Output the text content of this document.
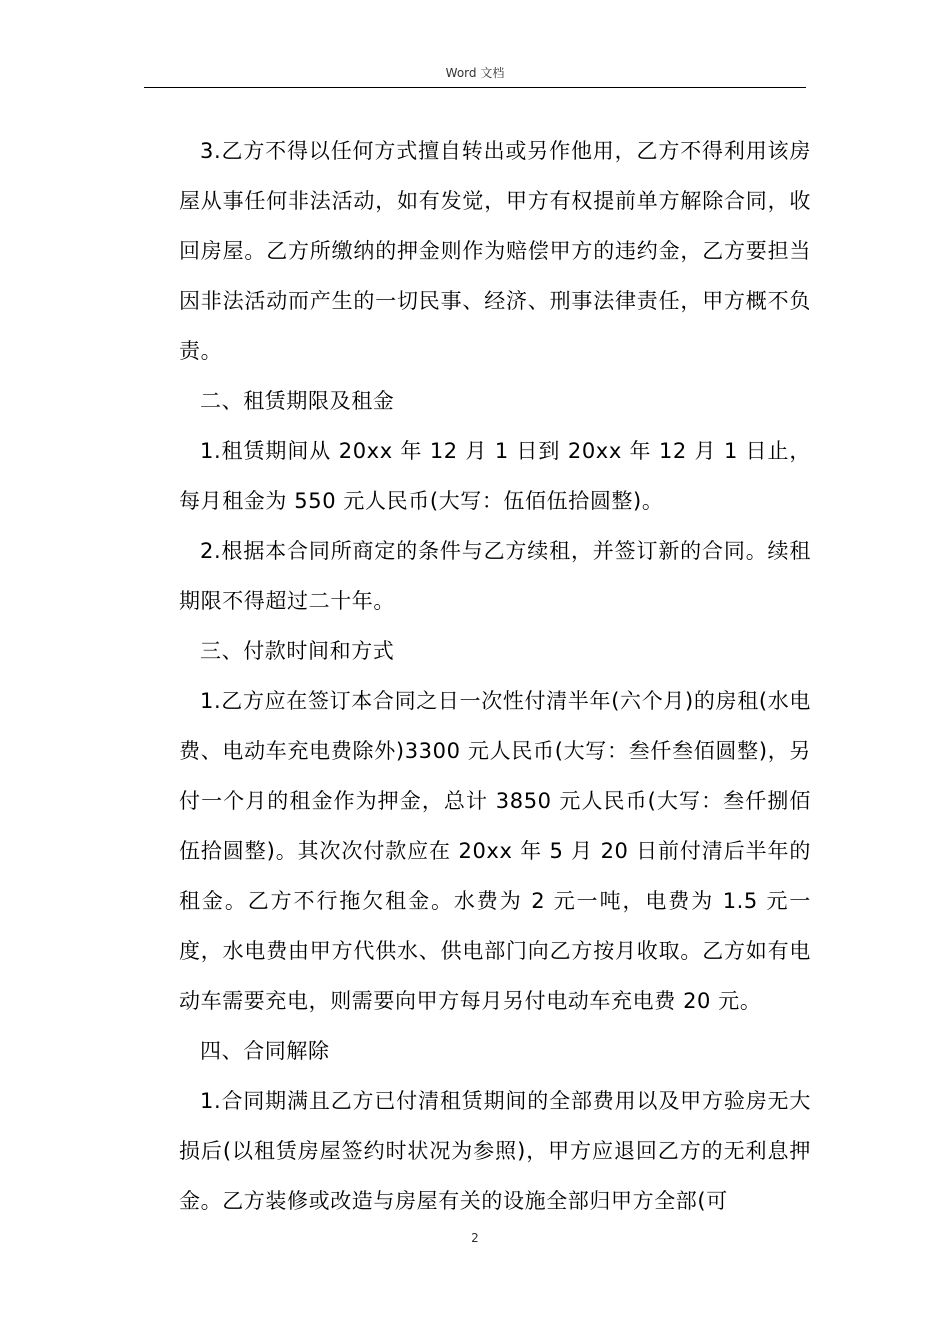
Word 文档

3.乙方不得以任何方式擅自转出或另作他用，乙方不得利用该房屋从事任何非法活动，如有发觉，甲方有权提前单方解除合同，收回房屋。乙方所缴纳的押金则作为赔偿甲方的违约金，乙方要担当因非法活动而产生的一切民事、经济、刑事法律责任，甲方概不负责。

二、租赁期限及租金

1.租赁期间从 20xx 年 12 月 1 日到 20xx 年 12 月 1 日止，每月租金为 550 元人民币(大写：伍佰伍拾圆整)。

2.根据本合同所商定的条件与乙方续租，并签订新的合同。续租期限不得超过二十年。

三、付款时间和方式

1.乙方应在签订本合同之日一次性付清半年(六个月)的房租(水电费、电动车充电费除外)3300 元人民币(大写：叁仟叁佰圆整)，另付一个月的租金作为押金，总计 3850 元人民币(大写：叁仟捌佰伍拾圆整)。其次次付款应在 20xx 年 5 月 20 日前付清后半年的租金。乙方不行拖欠租金。水费为 2 元一吨，电费为 1.5 元一度，水电费由甲方代供水、供电部门向乙方按月收取。乙方如有电动车需要充电，则需要向甲方每月另付电动车充电费 20 元。

四、合同解除

1.合同期满且乙方已付清租赁期间的全部费用以及甲方验房无大损后(以租赁房屋签约时状况为参照)，甲方应退回乙方的无利息押金。乙方装修或改造与房屋有关的设施全部归甲方全部(可

2
